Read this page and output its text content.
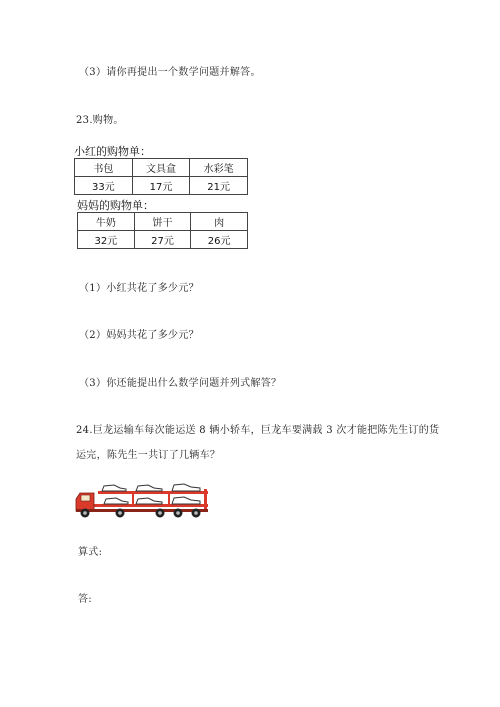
（3）请你再提出一个数学问题并解答。
23.购物。
小红的购物单：
书包	文具盒	水彩笔
33元	17元	21元
妈妈的购物单：
牛奶	饼干	肉
32元	27元	26元
（1）小红共花了多少元？
（2）妈妈共花了多少元？
（3）你还能提出什么数学问题并列式解答？
24.巨龙运输车每次能运送 8 辆小轿车，巨龙车要满载 3 次才能把陈先生订的货
运完，陈先生一共订了几辆车？
算式:
答:
